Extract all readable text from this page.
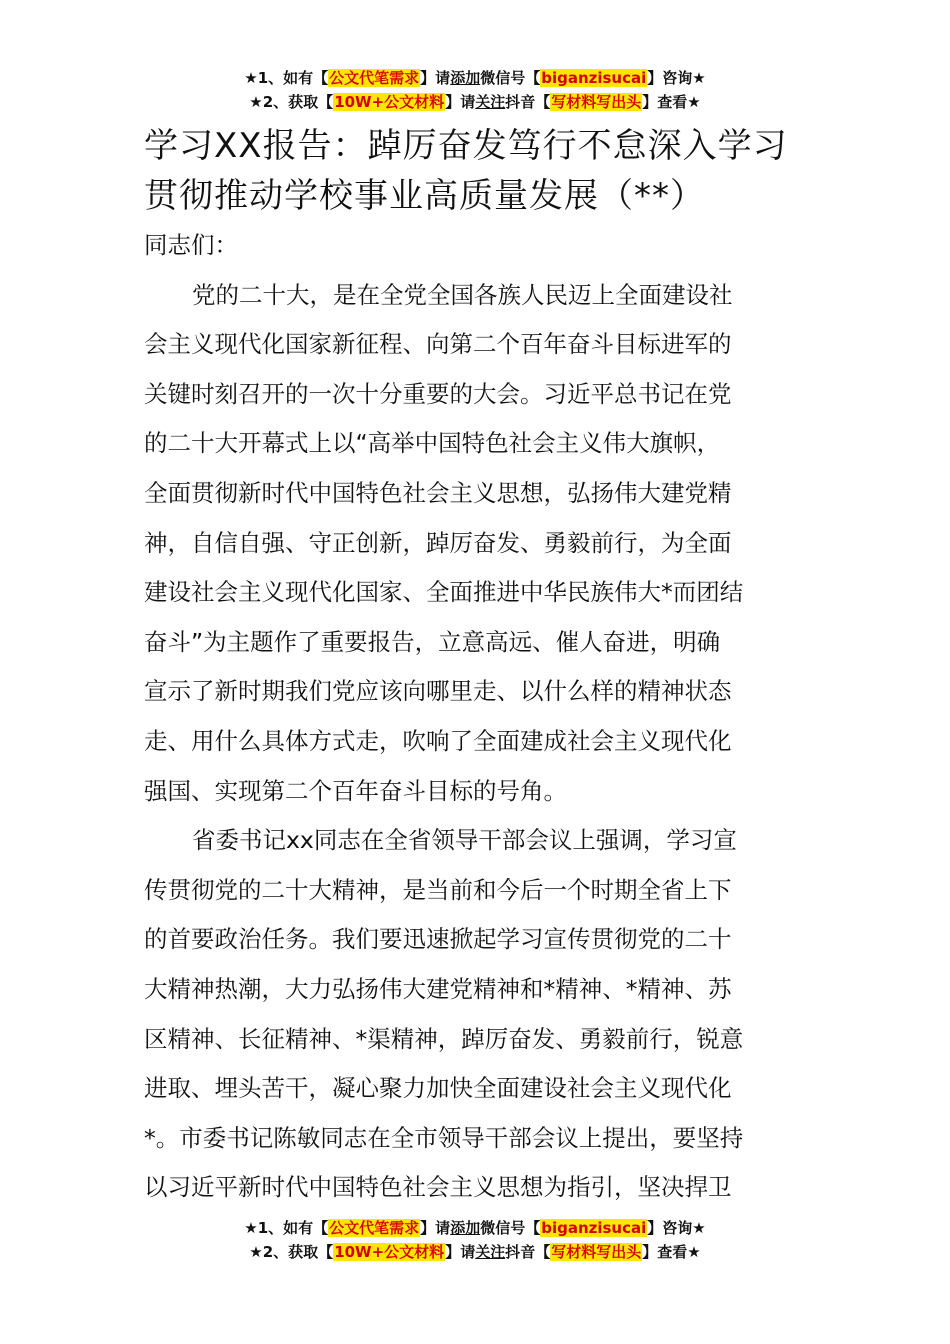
★1、如有【公文代笔需求】请添加微信号【biganzisucai】咨询★
★2、获取【10W+公文材料】请关注抖音【写材料写出头】查看★
学习XX报告：踔厉奋发笃行不怠深入学习
贯彻推动学校事业高质量发展（**）
同志们：
党的二十大，是在全党全国各族人民迈上全面建设社
会主义现代化国家新征程、向第二个百年奋斗目标进军的
关键时刻召开的一次十分重要的大会。习近平总书记在党
的二十大开幕式上以“高举中国特色社会主义伟大旗帜，
全面贯彻新时代中国特色社会主义思想，弘扬伟大建党精
神，自信自强、守正创新，踔厉奋发、勇毅前行，为全面
建设社会主义现代化国家、全面推进中华民族伟大*而团结
奋斗”为主题作了重要报告，立意高远、催人奋进，明确
宣示了新时期我们党应该向哪里走、以什么样的精神状态
走、用什么具体方式走，吹响了全面建成社会主义现代化
强国、实现第二个百年奋斗目标的号角。
省委书记xx同志在全省领导干部会议上强调，学习宣
传贯彻党的二十大精神，是当前和今后一个时期全省上下
的首要政治任务。我们要迅速掀起学习宣传贯彻党的二十
大精神热潮，大力弘扬伟大建党精神和*精神、*精神、苏
区精神、长征精神、*渠精神，踔厉奋发、勇毅前行，锐意
进取、埋头苦干，凝心聚力加快全面建设社会主义现代化
*。市委书记陈敏同志在全市领导干部会议上提出，要坚持
以习近平新时代中国特色社会主义思想为指引，坚决捍卫
★1、如有【公文代笔需求】请添加微信号【biganzisucai】咨询★
★2、获取【10W+公文材料】请关注抖音【写材料写出头】查看★
